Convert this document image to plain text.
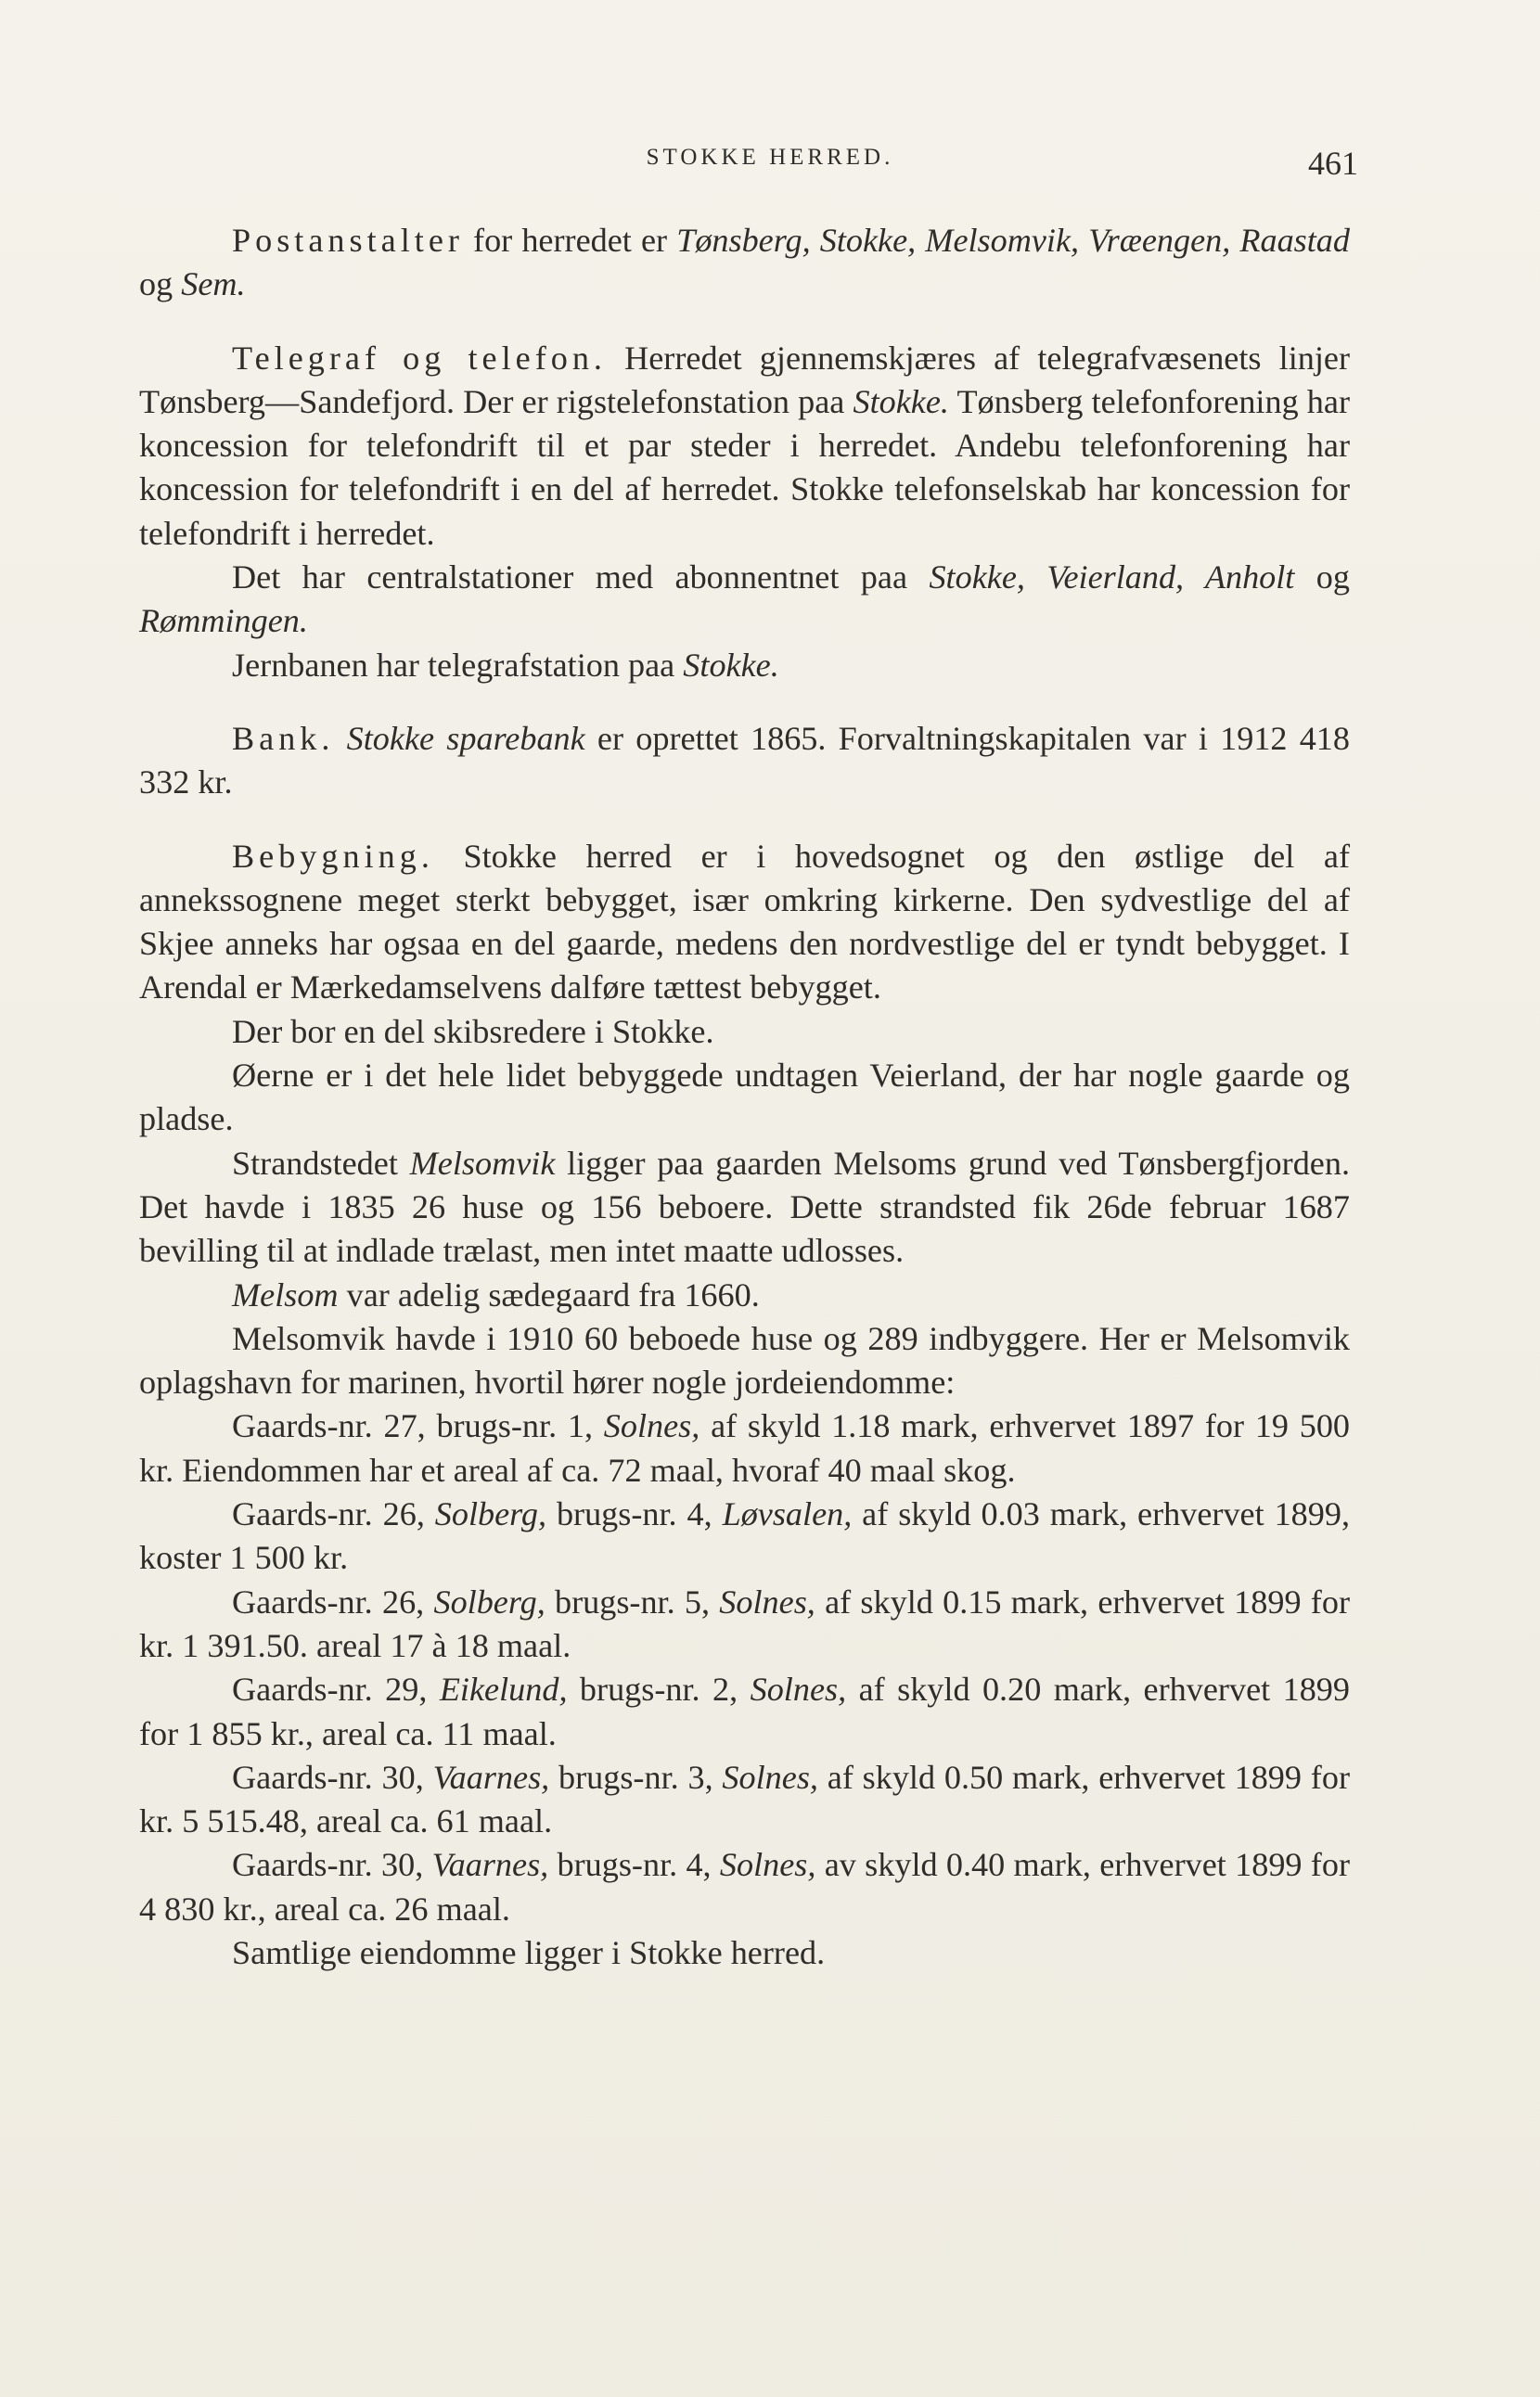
STOKKE HERRED.	461

Postanstalter for herredet er Tønsberg, Stokke, Melsomvik, Vræengen, Raastad og Sem.

Telegraf og telefon. Herredet gjennemskjæres af telegrafvæsenets linjer Tønsberg—Sandefjord. Der er rigstelefonstation paa Stokke. Tønsberg telefonforening har koncession for telefondrift til et par steder i herredet. Andebu telefonforening har koncession for telefondrift i en del af herredet. Stokke telefonselskab har koncession for telefondrift i herredet.

Det har centralstationer med abonnentnet paa Stokke, Veierland, Anholt og Rømmingen.

Jernbanen har telegrafstation paa Stokke.

Bank. Stokke sparebank er oprettet 1865. Forvaltningskapitalen var i 1912 418 332 kr.

Bebygning. Stokke herred er i hovedsognet og den østlige del af annekssognene meget sterkt bebygget, især omkring kirkerne. Den sydvestlige del af Skjee anneks har ogsaa en del gaarde, medens den nordvestlige del er tyndt bebygget. I Arendal er Mærkedamselvens dalføre tættest bebygget.

Der bor en del skibsredere i Stokke.

Øerne er i det hele lidet bebyggede undtagen Veierland, der har nogle gaarde og pladse.

Strandstedet Melsomvik ligger paa gaarden Melsoms grund ved Tønsbergfjorden. Det havde i 1835 26 huse og 156 beboere. Dette strandsted fik 26de februar 1687 bevilling til at indlade trælast, men intet maatte udlosses.

Melsom var adelig sædegaard fra 1660.

Melsomvik havde i 1910 60 beboede huse og 289 indbyggere. Her er Melsomvik oplagshavn for marinen, hvortil hører nogle jordeiendomme:

Gaards-nr. 27, brugs-nr. 1, Solnes, af skyld 1.18 mark, erhvervet 1897 for 19 500 kr. Eiendommen har et areal af ca. 72 maal, hvoraf 40 maal skog.

Gaards-nr. 26, Solberg, brugs-nr. 4, Løvsalen, af skyld 0.03 mark, erhvervet 1899, koster 1 500 kr.

Gaards-nr. 26, Solberg, brugs-nr. 5, Solnes, af skyld 0.15 mark, erhvervet 1899 for kr. 1 391.50. areal 17 à 18 maal.

Gaards-nr. 29, Eikelund, brugs-nr. 2, Solnes, af skyld 0.20 mark, erhvervet 1899 for 1 855 kr., areal ca. 11 maal.

Gaards-nr. 30, Vaarnes, brugs-nr. 3, Solnes, af skyld 0.50 mark, erhvervet 1899 for kr. 5 515.48, areal ca. 61 maal.

Gaards-nr. 30, Vaarnes, brugs-nr. 4, Solnes, av skyld 0.40 mark, erhvervet 1899 for 4 830 kr., areal ca. 26 maal.

Samtlige eiendomme ligger i Stokke herred.
